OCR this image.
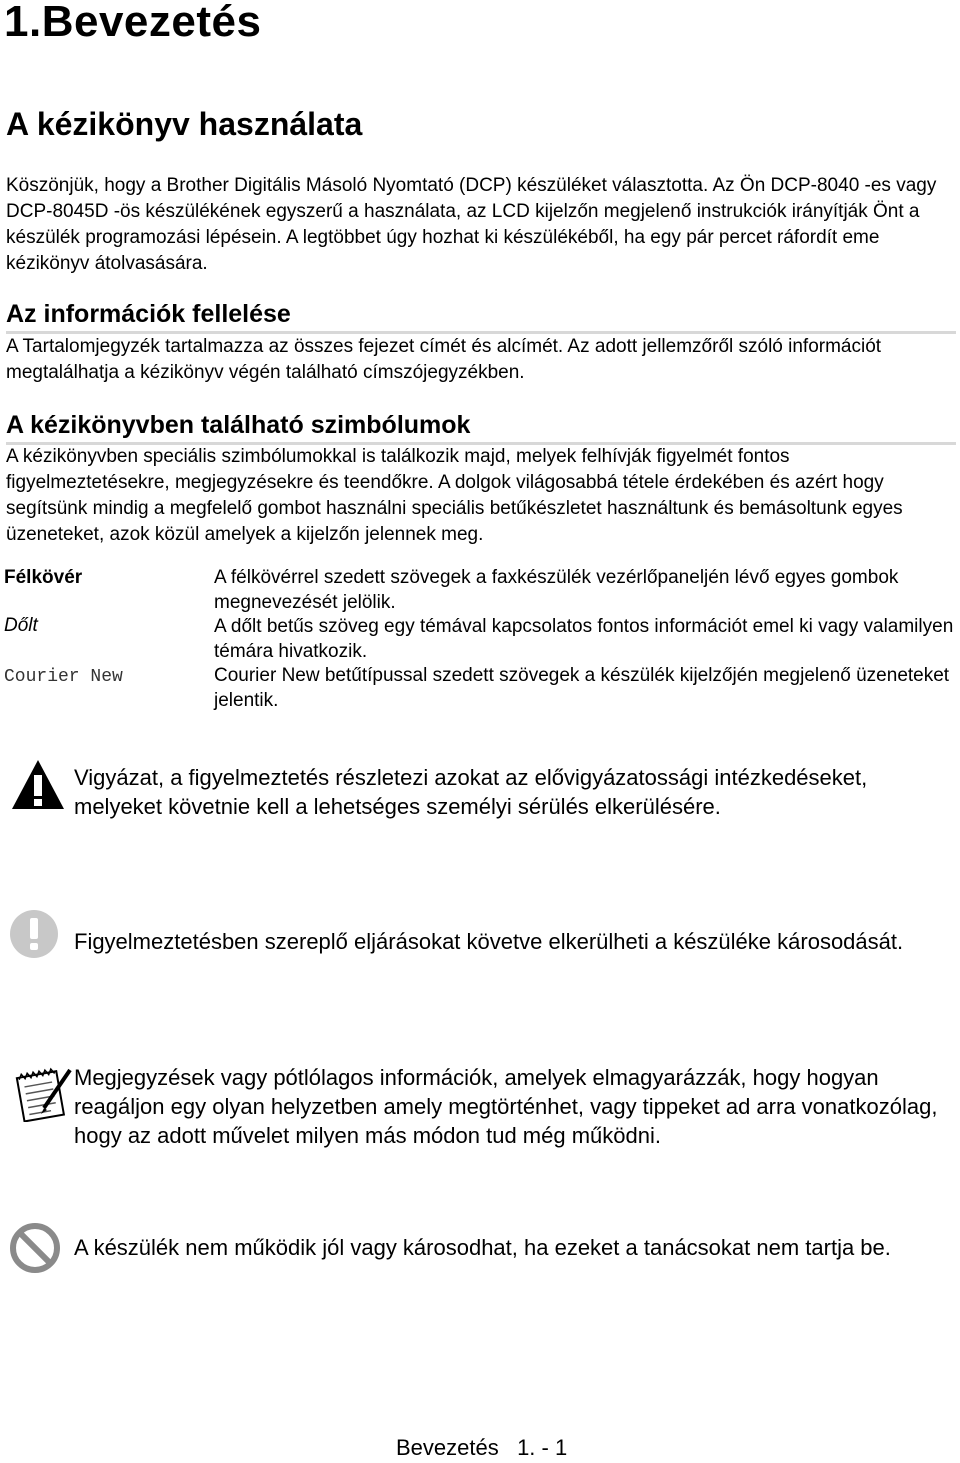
1.Bevezetés
A kézikönyv használata

Köszönjük, hogy a Brother Digitális Másoló Nyomtató (DCP) készüléket választotta. Az Ön DCP-8040 -es vagy DCP-8045D -ös készülékének egyszerű a használata, az LCD kijelzőn megjelenő instrukciók irányítják Önt a készülék programozási lépésein. A legtöbbet úgy hozhat ki készülékéből, ha egy pár percet ráfordít eme kézikönyv átolvasására.

Az információk fellelése

A Tartalomjegyzék tartalmazza az összes fejezet címét és alcímét. Az adott jellemzőről szóló információt megtalálhatja a kézikönyv végén található címszójegyzékben.

A kézikönyvben található szimbólumok

A kézikönyvben speciális szimbólumokkal is találkozik majd, melyek felhívják figyelmét fontos figyelmeztetésekre, megjegyzésekre és teendőkre. A dolgok világosabbá tétele érdekében és azért hogy segítsünk mindig a megfelelő gombot használni speciális betűkészletet használtunk és bemásoltunk egyes üzeneteket, azok közül amelyek a kijelzőn jelennek meg.

Félkövér	A félkövérrel szedett szövegek a faxkészülék vezérlőpaneljén lévő egyes gombok megnevezését jelölik.

Dőlt	A dőlt betűs szöveg egy témával kapcsolatos fontos információt emel ki vagy valamilyen témára hivatkozik.

Courier New	Courier New betűtípussal szedett szövegek a készülék kijelzőjén megjelenő üzeneteket jelentik.

Vigyázat, a figyelmeztetés részletezi azokat az elővigyázatossági intézkedéseket, melyeket követnie kell a lehetséges személyi sérülés elkerülésére.

Figyelmeztetésben szereplő eljárásokat követve elkerülheti a készüléke károsodását.

Megjegyzések vagy pótlólagos információk, amelyek elmagyarázzák, hogy hogyan reagáljon egy olyan helyzetben amely megtörténhet, vagy tippeket ad arra vonatkozólag, hogy az adott művelet milyen más módon tud még működni.

A készülék nem működik jól vagy károsodhat, ha ezeket a tanácsokat nem tartja be.

Bevezetés   1. - 1
